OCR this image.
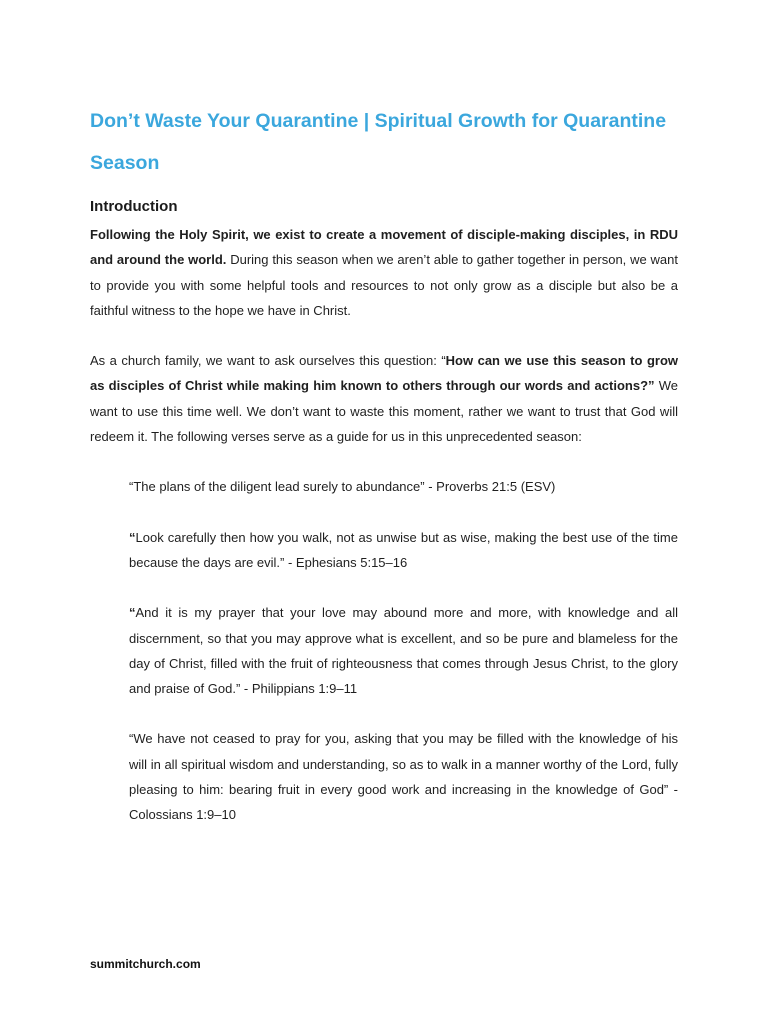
Don’t Waste Your Quarantine | Spiritual Growth for Quarantine Season
Introduction

Following the Holy Spirit, we exist to create a movement of disciple-making disciples, in RDU and around the world. During this season when we aren’t able to gather together in person, we want to provide you with some helpful tools and resources to not only grow as a disciple but also be a faithful witness to the hope we have in Christ.

As a church family, we want to ask ourselves this question: “How can we use this season to grow as disciples of Christ while making him known to others through our words and actions?” We want to use this time well. We don’t want to waste this moment, rather we want to trust that God will redeem it. The following verses serve as a guide for us in this unprecedented season:

“The plans of the diligent lead surely to abundance” - Proverbs 21:5 (ESV)

“Look carefully then how you walk, not as unwise but as wise, making the best use of the time because the days are evil.” - Ephesians 5:15–16

“And it is my prayer that your love may abound more and more, with knowledge and all discernment, so that you may approve what is excellent, and so be pure and blameless for the day of Christ, filled with the fruit of righteousness that comes through Jesus Christ, to the glory and praise of God.” - Philippians 1:9–11

“We have not ceased to pray for you, asking that you may be filled with the knowledge of his will in all spiritual wisdom and understanding, so as to walk in a manner worthy of the Lord, fully pleasing to him: bearing fruit in every good work and increasing in the knowledge of God” - Colossians 1:9–10

summitchurch.com
